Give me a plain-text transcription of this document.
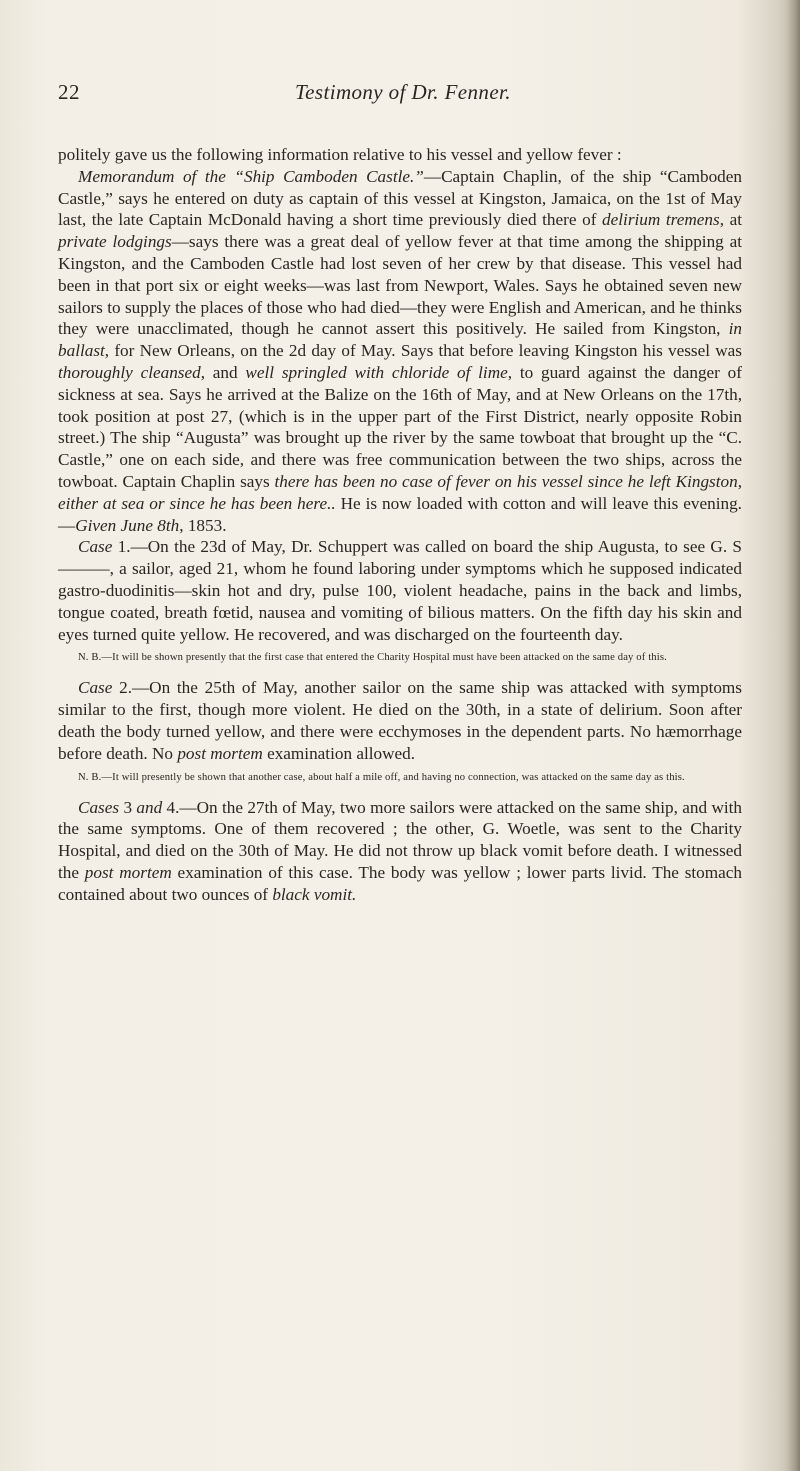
22	Testimony of Dr. Fenner.

politely gave us the following information relative to his vessel and yellow fever :

Memorandum of the “Ship Camboden Castle.”—Captain Chaplin, of the ship “Camboden Castle,” says he entered on duty as captain of this vessel at Kingston, Jamaica, on the 1st of May last, the late Captain McDonald having a short time previously died there of delirium tremens, at private lodgings—says there was a great deal of yellow fever at that time among the shipping at Kingston, and the Camboden Castle had lost seven of her crew by that disease. This vessel had been in that port six or eight weeks—was last from Newport, Wales. Says he obtained seven new sailors to supply the places of those who had died—they were English and American, and he thinks they were unacclimated, though he cannot assert this positively. He sailed from Kingston, in ballast, for New Orleans, on the 2d day of May. Says that before leaving Kingston his vessel was thoroughly cleansed, and well springled with chloride of lime, to guard against the danger of sickness at sea. Says he arrived at the Balize on the 16th of May, and at New Orleans on the 17th, took position at post 27, (which is in the upper part of the First District, nearly opposite Robin street.) The ship “Augusta” was brought up the river by the same towboat that brought up the “C. Castle,” one on each side, and there was free communication between the two ships, across the towboat. Captain Chaplin says there has been no case of fever on his vessel since he left Kingston, either at sea or since he has been here.. He is now loaded with cotton and will leave this evening.—Given June 8th, 1853.

Case 1.—On the 23d of May, Dr. Schuppert was called on board the ship Augusta, to see G. S———, a sailor, aged 21, whom he found laboring under symptoms which he supposed indicated gastro-duodinitis—skin hot and dry, pulse 100, violent headache, pains in the back and limbs, tongue coated, breath fœtid, nausea and vomiting of bilious matters. On the fifth day his skin and eyes turned quite yellow. He recovered, and was discharged on the fourteenth day.

N. B.—It will be shown presently that the first case that entered the Charity Hospital must have been attacked on the same day of this.

Case 2.—On the 25th of May, another sailor on the same ship was attacked with symptoms similar to the first, though more violent. He died on the 30th, in a state of delirium. Soon after death the body turned yellow, and there were ecchymoses in the dependent parts. No hæmorrhage before death. No post mortem examination allowed.

N. B.—It will presently be shown that another case, about half a mile off, and having no connection, was attacked on the same day as this.

Cases 3 and 4.—On the 27th of May, two more sailors were attacked on the same ship, and with the same symptoms. One of them recovered ; the other, G. Woetle, was sent to the Charity Hospital, and died on the 30th of May. He did not throw up black vomit before death. I witnessed the post mortem examination of this case. The body was yellow ; lower parts livid. The stomach contained about two ounces of black vomit.
